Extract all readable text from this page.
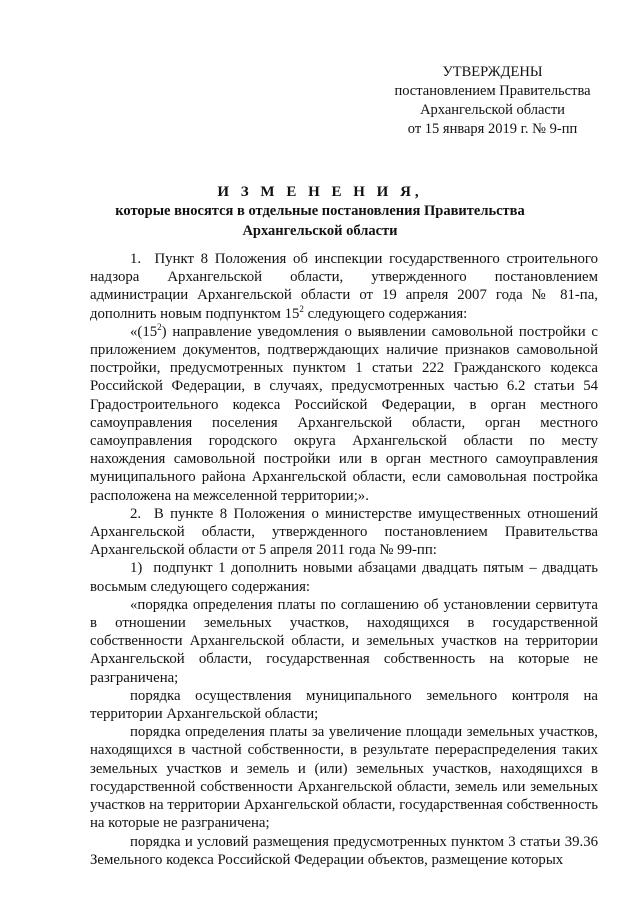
УТВЕРЖДЕНЫ
постановлением Правительства
Архангельской области
от 15 января 2019 г. № 9-пп
И З М Е Н Е Н И Я,
которые вносятся в отдельные постановления Правительства
Архангельской области

1.  Пункт 8 Положения об инспекции государственного строительного надзора Архангельской области, утвержденного постановлением администрации Архангельской области от 19 апреля 2007 года № 81-па, дополнить новым подпунктом $15^2$ следующего содержания:

«$(15^2)$ направление уведомления о выявлении самовольной постройки с приложением документов, подтверждающих наличие признаков самовольной постройки, предусмотренных пунктом 1 статьи 222 Гражданского кодекса Российской Федерации, в случаях, предусмотренных частью 6.2 статьи 54 Градостроительного кодекса Российской Федерации, в орган местного самоуправления поселения Архангельской области, орган местного самоуправления городского округа Архангельской области по месту нахождения самовольной постройки или в орган местного самоуправления муниципального района Архангельской области, если самовольная постройка расположена на межселенной территории;».

2.  В пункте 8 Положения о министерстве имущественных отношений Архангельской области, утвержденного постановлением Правительства Архангельской области от 5 апреля 2011 года № 99-пп:

1)  подпункт 1 дополнить новыми абзацами двадцать пятым – двадцать восьмым следующего содержания:

«порядка определения платы по соглашению об установлении сервитута в отношении земельных участков, находящихся в государственной собственности Архангельской области, и земельных участков на территории Архангельской области, государственная собственность на которые не разграничена;

порядка осуществления муниципального земельного контроля на территории Архангельской области;

порядка определения платы за увеличение площади земельных участков, находящихся в частной собственности, в результате перераспределения таких земельных участков и земель и (или) земельных участков, находящихся в государственной собственности Архангельской области, земель или земельных участков на территории Архангельской области, государственная собственность на которые не разграничена;

порядка и условий размещения предусмотренных пунктом 3 статьи 39.36 Земельного кодекса Российской Федерации объектов, размещение которых
